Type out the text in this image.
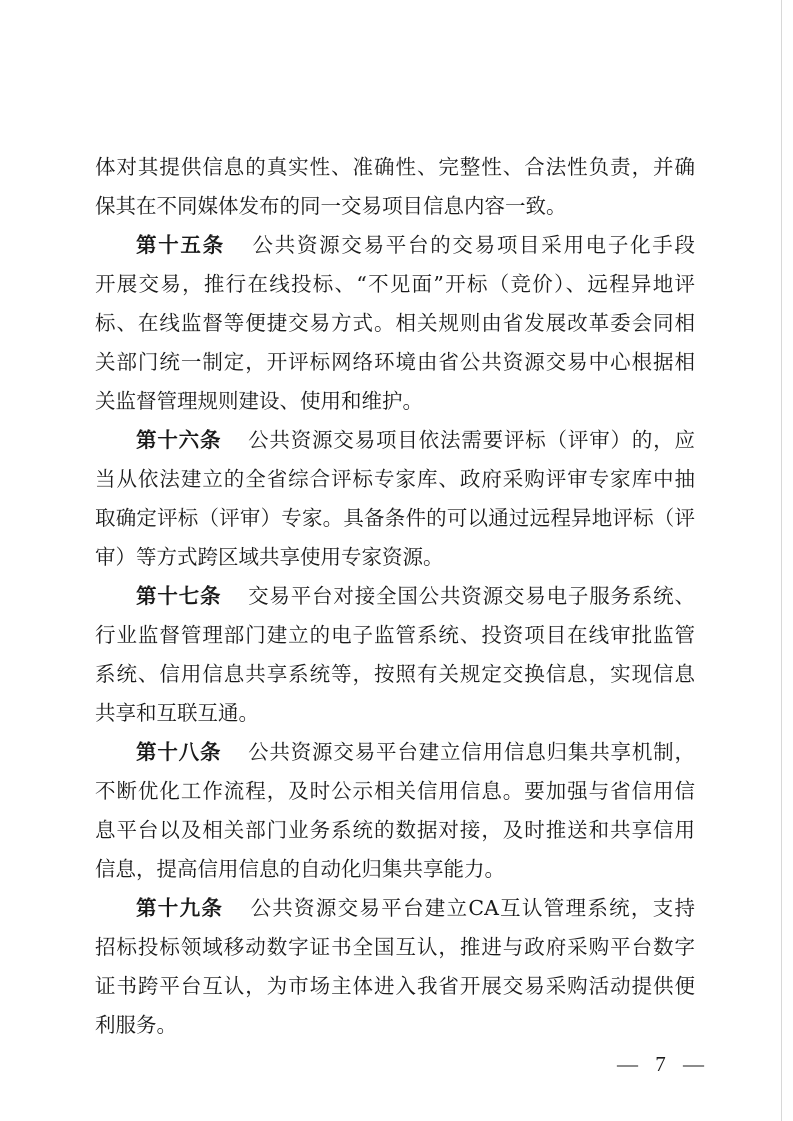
体对其提供信息的真实性、准确性、完整性、合法性负责，并确
保其在不同媒体发布的同一交易项目信息内容一致。
第十五条 公共资源交易平台的交易项目采用电子化手段
开展交易，推行在线投标、“不见面”开标（竞价）、远程异地评
标、在线监督等便捷交易方式。相关规则由省发展改革委会同相
关部门统一制定，开评标网络环境由省公共资源交易中心根据相
关监督管理规则建设、使用和维护。
第十六条 公共资源交易项目依法需要评标（评审）的，应
当从依法建立的全省综合评标专家库、政府采购评审专家库中抽
取确定评标（评审）专家。具备条件的可以通过远程异地评标（评
审）等方式跨区域共享使用专家资源。
第十七条 交易平台对接全国公共资源交易电子服务系统、
行业监督管理部门建立的电子监管系统、投资项目在线审批监管
系统、信用信息共享系统等，按照有关规定交换信息，实现信息
共享和互联互通。
第十八条 公共资源交易平台建立信用信息归集共享机制，
不断优化工作流程，及时公示相关信用信息。要加强与省信用信
息平台以及相关部门业务系统的数据对接，及时推送和共享信用
信息，提高信用信息的自动化归集共享能力。
第十九条 公共资源交易平台建立CA互认管理系统，支持
招标投标领域移动数字证书全国互认，推进与政府采购平台数字
证书跨平台互认，为市场主体进入我省开展交易采购活动提供便
利服务。
— 7 —
